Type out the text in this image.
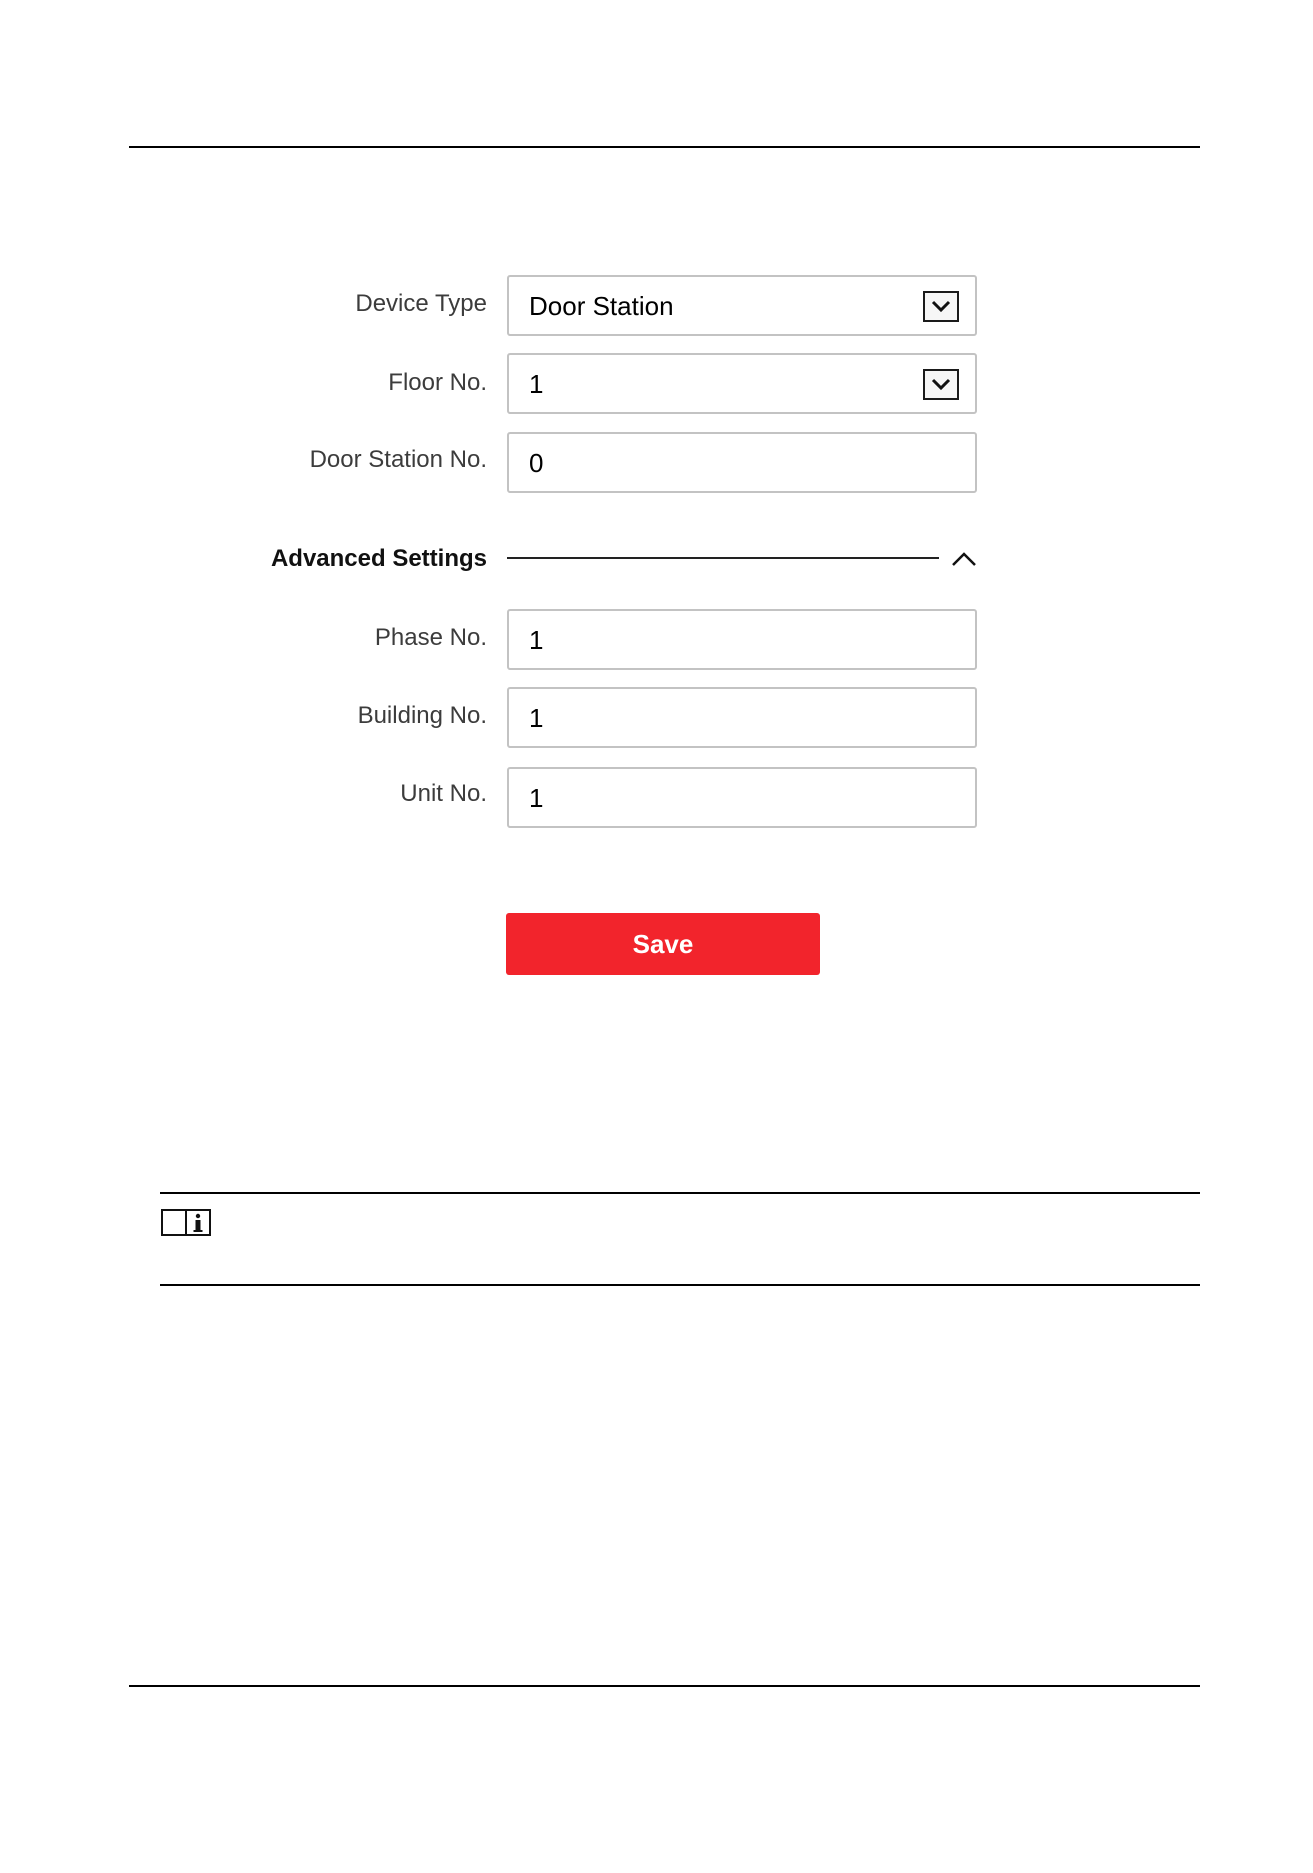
Device Type Door Station
Floor No. 1
Door Station No. 0
Advanced Settings
Phase No. 1
Building No. 1
Unit No. 1
Save
